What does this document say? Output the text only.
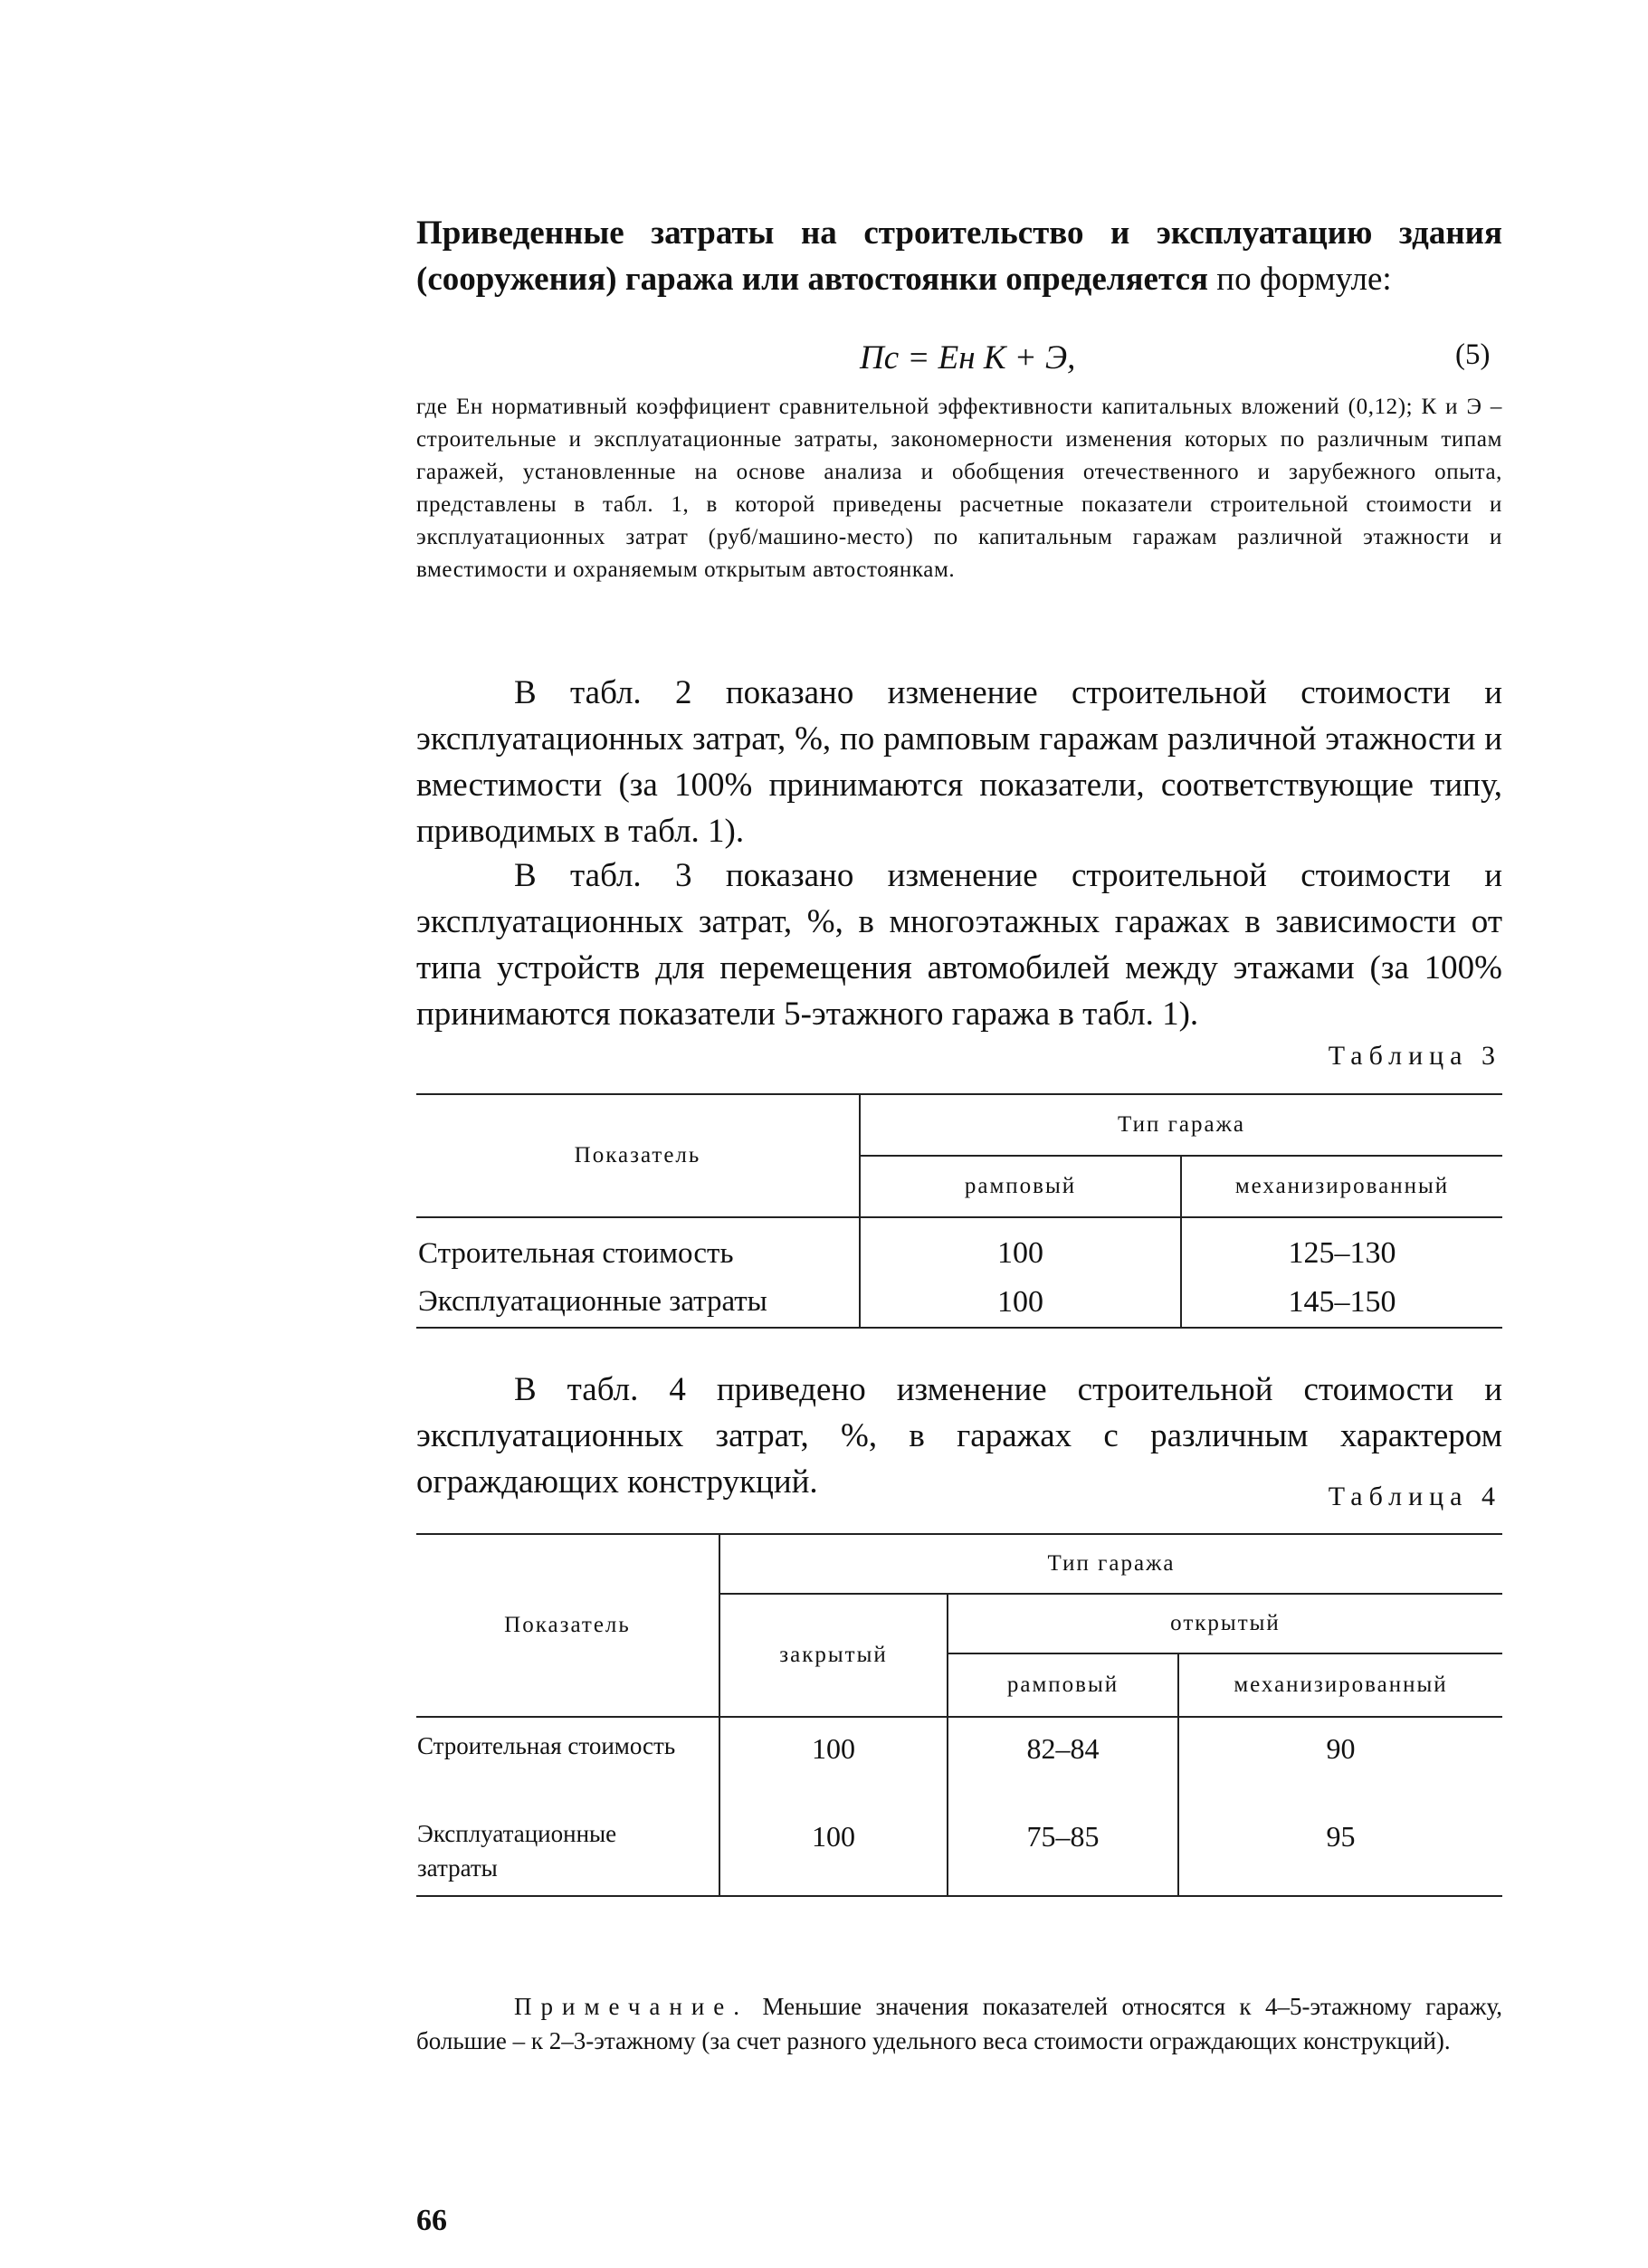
Приведенные затраты на строительство и эксплуатацию здания (сооружения) гаража или автостоянки определяется по формуле:

Пс = Ен К + Э,	(5)

где Ен нормативный коэффициент сравнительной эффективности капитальных вложений (0,12); К и Э – строительные и эксплуатационные затраты, закономерности изменения которых по различным типам гаражей, установленные на основе анализа и обобщения отечественного и зарубежного опыта, представлены в табл. 1, в которой приведены расчетные показатели строительной стоимости и эксплуатационных затрат (руб/машино-место) по капитальным гаражам различной этажности и вместимости и охраняемым открытым автостоянкам.

В табл. 2 показано изменение строительной стоимости и эксплуатационных затрат, %, по рамповым гаражам различной этажности и вместимости (за 100% принимаются показатели, соответствующие типу, приводимых в табл. 1).

В табл. 3 показано изменение строительной стоимости и эксплуатационных затрат, %, в многоэтажных гаражах в зависимости от типа устройств для перемещения автомобилей между этажами (за 100% принимаются показатели 5-этажного гаража в табл. 1).

Таблица 3
Показатель	Тип гаража	
	рамповый	механизированный
Строительная стоимость	100	125–130
Эксплуатационные затраты	100	145–150

В табл. 4 приведено изменение строительной стоимости и эксплуатационных затрат, %, в гаражах с различным характером ограждающих конструкций.	Таблица 4
Показатель	Тип гаража		
	закрытый	открытый	
		рамповый	механизированный
Строительная стоимость	100	82–84	90
Эксплуатационные затраты	100	75–85	95

Примечание. Меньшие значения показателей относятся к 4–5-этажному гаражу, большие – к 2–3-этажному (за счет разного удельного веса стоимости ограждающих конструкций).

66
